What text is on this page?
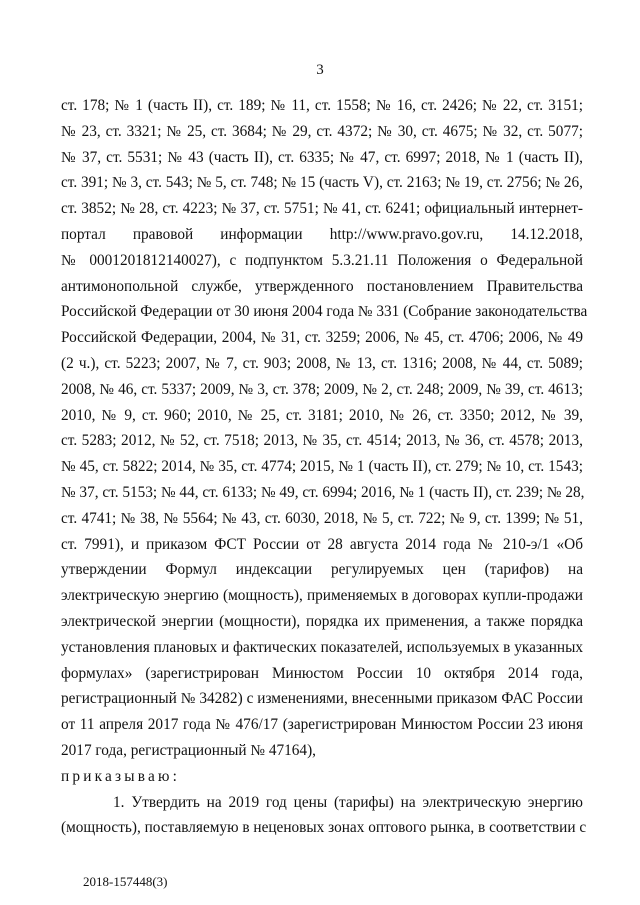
3
ст. 178; № 1 (часть II), ст. 189; № 11, ст. 1558; № 16, ст. 2426; № 22, ст. 3151;
№ 23, ст. 3321; № 25, ст. 3684; № 29, ст. 4372; № 30, ст. 4675; № 32, ст. 5077;
№ 37, ст. 5531; № 43 (часть II), ст. 6335; № 47, ст. 6997; 2018, № 1 (часть II),
ст. 391; № 3, ст. 543; № 5, ст. 748; № 15 (часть V), ст. 2163; № 19, ст. 2756; № 26,
ст. 3852; № 28, ст. 4223; № 37, ст. 5751; № 41, ст. 6241; официальный интернет-
портал правовой информации http://www.pravo.gov.ru, 14.12.2018,
№ 0001201812140027), с подпунктом 5.3.21.11 Положения о Федеральной
антимонопольной службе, утвержденного постановлением Правительства
Российской Федерации от 30 июня 2004 года № 331 (Собрание законодательства
Российской Федерации, 2004, № 31, ст. 3259; 2006, № 45, ст. 4706; 2006, № 49
(2 ч.), ст. 5223; 2007, № 7, ст. 903; 2008, № 13, ст. 1316; 2008, № 44, ст. 5089;
2008, № 46, ст. 5337; 2009, № 3, ст. 378; 2009, № 2, ст. 248; 2009, № 39, ст. 4613;
2010, № 9, ст. 960; 2010, № 25, ст. 3181; 2010, № 26, ст. 3350; 2012, № 39,
ст. 5283; 2012, № 52, ст. 7518; 2013, № 35, ст. 4514; 2013, № 36, ст. 4578; 2013,
№ 45, ст. 5822; 2014, № 35, ст. 4774; 2015, № 1 (часть II), ст. 279; № 10, ст. 1543;
№ 37, ст. 5153; № 44, ст. 6133; № 49, ст. 6994; 2016, № 1 (часть II), ст. 239; № 28,
ст. 4741; № 38, № 5564; № 43, ст. 6030, 2018, № 5, ст. 722; № 9, ст. 1399; № 51,
ст. 7991), и приказом ФСТ России от 28 августа 2014 года № 210-э/1 «Об
утверждении Формул индексации регулируемых цен (тарифов) на
электрическую энергию (мощность), применяемых в договорах купли-продажи
электрической энергии (мощности), порядка их применения, а также порядка
установления плановых и фактических показателей, используемых в указанных
формулах» (зарегистрирован Минюстом России 10 октября 2014 года,
регистрационный № 34282) с изменениями, внесенными приказом ФАС России
от 11 апреля 2017 года № 476/17 (зарегистрирован Минюстом России 23 июня
2017 года, регистрационный № 47164),
приказываю:
1. Утвердить на 2019 год цены (тарифы) на электрическую энергию
(мощность), поставляемую в неценовых зонах оптового рынка, в соответствии с
2018-157448(3)
